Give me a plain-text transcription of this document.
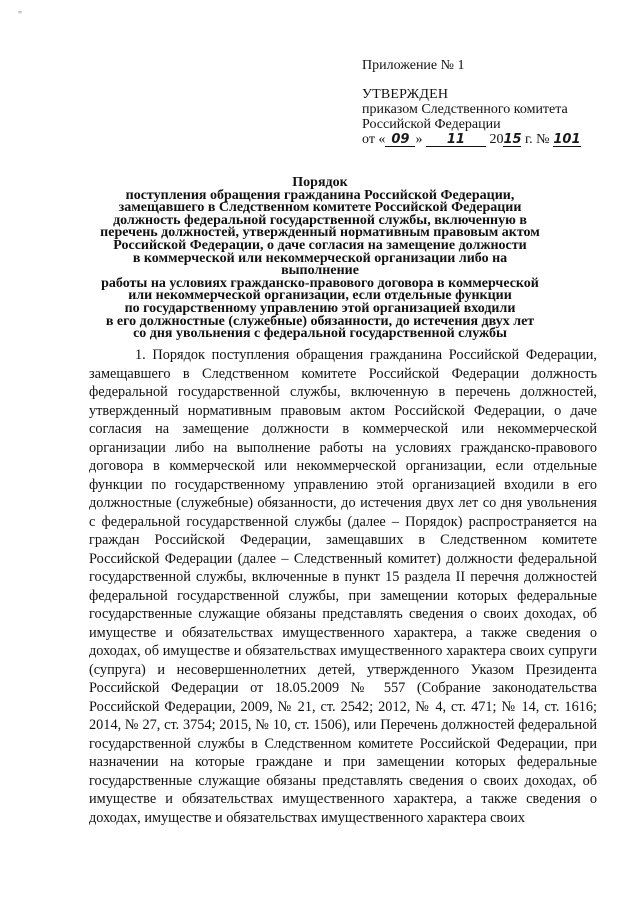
"
Приложение № 1
УТВЕРЖДЕН
приказом Следственного комитета
Российской Федерации
от « 09 » 11 2015 г. № 101
Порядок
поступления обращения гражданина Российской Федерации,
замещавшего в Следственном комитете Российской Федерации
должность федеральной государственной службы, включенную в
перечень должностей, утвержденный нормативным правовым актом
Российской Федерации, о даче согласия на замещение должности
в коммерческой или некоммерческой организации либо на выполнение
работы на условиях гражданско-правового договора в коммерческой
или некоммерческой организации, если отдельные функции
по государственному управлению этой организацией входили
в его должностные (служебные) обязанности, до истечения двух лет
со дня увольнения с федеральной государственной службы

1. Порядок поступления обращения гражданина Российской Федерации, замещавшего в Следственном комитете Российской Федерации должность федеральной государственной службы, включенную в перечень должностей, утвержденный нормативным правовым актом Российской Федерации, о даче согласия на замещение должности в коммерческой или некоммерческой организации либо на выполнение работы на условиях гражданско-правового договора в коммерческой или некоммерческой организации, если отдельные функции по государственному управлению этой организацией входили в его должностные (служебные) обязанности, до истечения двух лет со дня увольнения с федеральной государственной службы (далее – Порядок) распространяется на граждан Российской Федерации, замещавших в Следственном комитете Российской Федерации (далее – Следственный комитет) должности федеральной государственной службы, включенные в пункт 15 раздела II перечня должностей федеральной государственной службы, при замещении которых федеральные государственные служащие обязаны представлять сведения о своих доходах, об имуществе и обязательствах имущественного характера, а также сведения о доходах, об имуществе и обязательствах имущественного характера своих супруги (супруга) и несовершеннолетних детей, утвержденного Указом Президента Российской Федерации от 18.05.2009 № 557 (Собрание законодательства Российской Федерации, 2009, № 21, ст. 2542; 2012, № 4, ст. 471; № 14, ст. 1616; 2014, № 27, ст. 3754; 2015, № 10, ст. 1506), или Перечень должностей федеральной государственной службы в Следственном комитете Российской Федерации, при назначении на которые граждане и при замещении которых федеральные государственные служащие обязаны представлять сведения о своих доходах, об имуществе и обязательствах имущественного характера, а также сведения о доходах, имуществе и обязательствах имущественного характера своих
